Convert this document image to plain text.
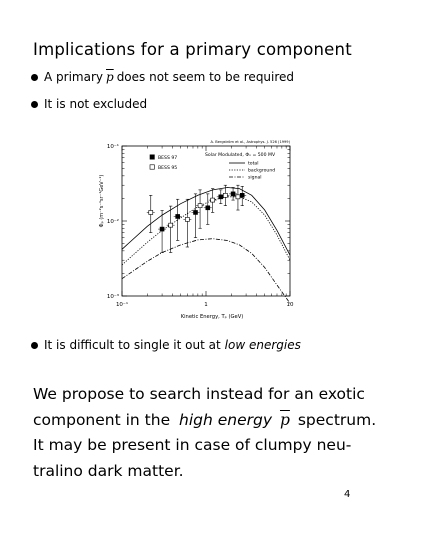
Implications for a primary component
A primary $\overline{p}$ does not seem to be required
It is not excluded
10⁻¹	1	10
10⁻¹
10⁻²
10⁻³
Kinetic Energy, Tₚ (GeV)
Φₚ (m⁻²s⁻¹sr⁻¹GeV⁻¹)
A. Bergström et al., Astrophys. J. 526 (1999)
Solar Modulated, Φₓ = 500 MV
total
background
signal
BESS 97
BESS 95
It is difficult to single it out at low energies
We propose to search instead for an exotic
component in the high energy $\overline{p}$ spectrum.
It may be present in case of clumpy neu-
tralino dark matter.
4
